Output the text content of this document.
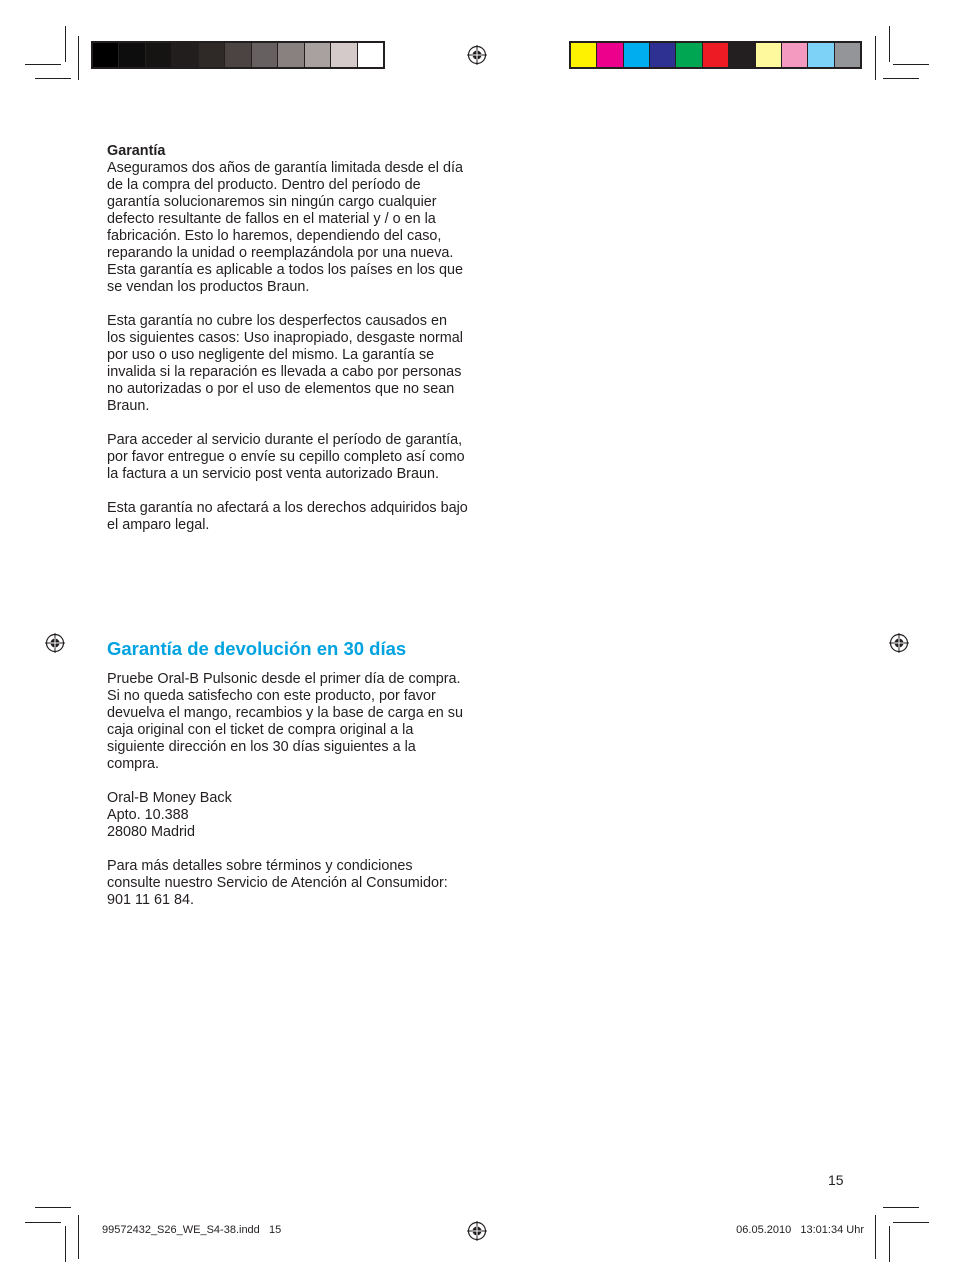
Garantía

Aseguramos dos años de garantía limitada desde el día de la compra del producto. Dentro del período de garantía solucionaremos sin ningún cargo cualquier defecto resultante de fallos en el material y / o en la fabricación. Esto lo haremos, dependiendo del caso, reparando la unidad o reemplazándola por una nueva. Esta garantía es aplicable a todos los países en los que se vendan los productos Braun.

Esta garantía no cubre los desperfectos causados en los siguientes casos: Uso inapropiado, desgaste normal por uso o uso negligente del mismo. La garantía se invalida si la reparación es llevada a cabo por personas no autorizadas o por el uso de elementos que no sean Braun.

Para acceder al servicio durante el período de garantía, por favor entregue o envíe su cepillo completo así como la factura a un servicio post venta autorizado Braun.

Esta garantía no afectará a los derechos adquiridos bajo el amparo legal.

Garantía de devolución en 30 días

Pruebe Oral-B Pulsonic desde el primer día de compra. Si no queda satisfecho con este producto, por favor devuelva el mango, recambios y la base de carga en su caja original con el ticket de compra original a la siguiente dirección en los 30 días siguientes a la compra.

Oral-B Money Back
Apto. 10.388
28080 Madrid

Para más detalles sobre términos y condiciones consulte nuestro Servicio de Atención al Consumidor: 901 11 61 84.

15
99572432_S26_WE_S4-38.indd   15	06.05.2010   13:01:34 Uhr
